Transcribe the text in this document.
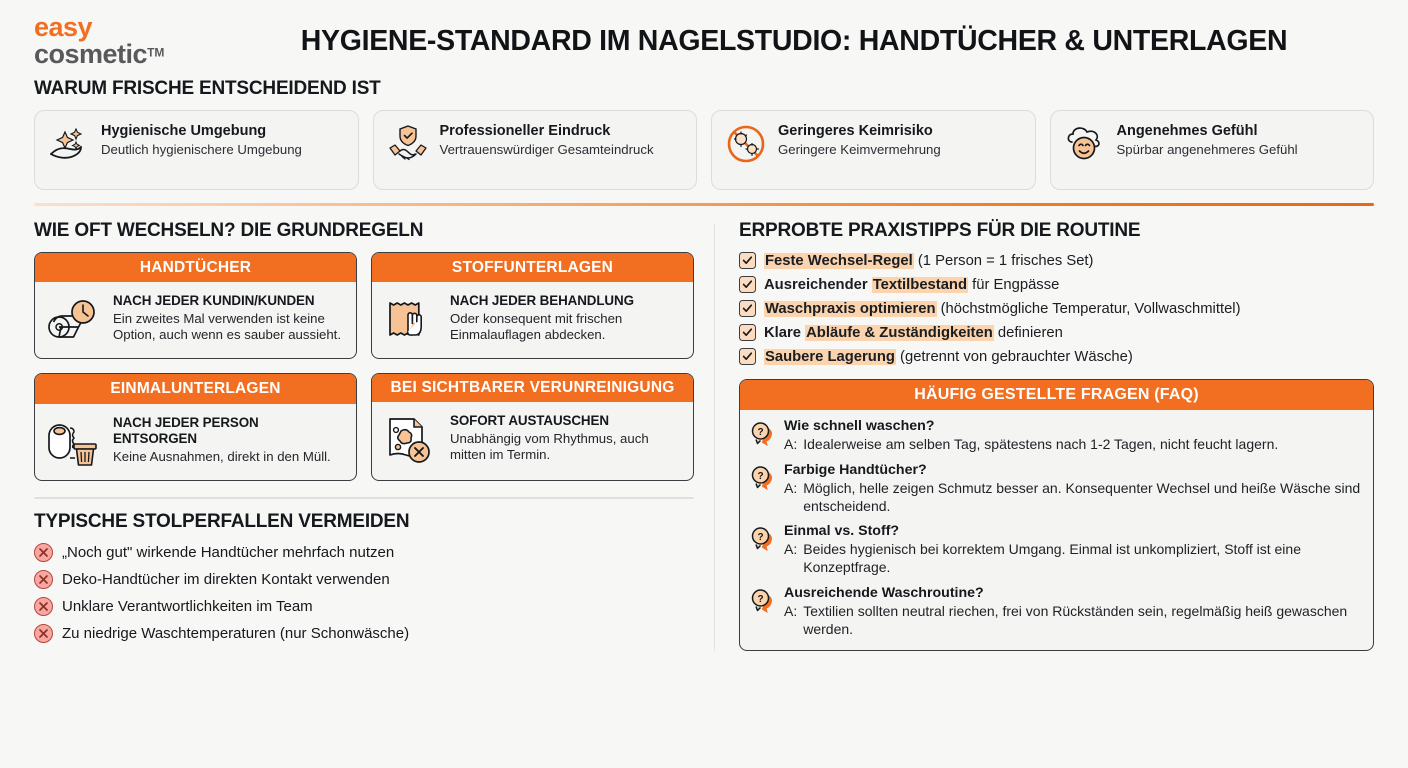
easy
cosmetic™	HYGIENE-STANDARD IM NAGELSTUDIO: HANDTÜCHER & UNTERLAGEN
WARUM FRISCHE ENTSCHEIDEND IST
Hygienische Umgebung
Deutlich hygienischere Umgebung
Professioneller Eindruck
Vertrauenswürdiger Gesamteindruck
Geringeres Keimrisiko
Geringere Keimvermehrung
Angenehmes Gefühl
Spürbar angenehmeres Gefühl
WIE OFT WECHSELN? DIE GRUNDREGELN
HANDTÜCHER
NACH JEDER KUNDIN/KUNDEN
Ein zweites Mal verwenden ist keine Option, auch wenn es sauber aussieht.
STOFFUNTERLAGEN
NACH JEDER BEHANDLUNG
Oder konsequent mit frischen Einmalauflagen abdecken.
EINMALUNTERLAGEN
NACH JEDER PERSON ENTSORGEN
Keine Ausnahmen, direkt in den Müll.
BEI SICHTBARER VERUNREINIGUNG
SOFORT AUSTAUSCHEN
Unabhängig vom Rhythmus, auch mitten im Termin.
TYPISCHE STOLPERFALLEN VERMEIDEN
„Noch gut" wirkende Handtücher mehrfach nutzen
Deko-Handtücher im direkten Kontakt verwenden
Unklare Verantwortlichkeiten im Team
Zu niedrige Waschtemperaturen (nur Schonwäsche)
ERPROBTE PRAXISTIPPS FÜR DIE ROUTINE
Feste Wechsel-Regel (1 Person = 1 frisches Set)
Ausreichender Textilbestand für Engpässe
Waschpraxis optimieren (höchstmögliche Temperatur, Vollwaschmittel)
Klare Abläufe & Zuständigkeiten definieren
Saubere Lagerung (getrennt von gebrauchter Wäsche)
HÄUFIG GESTELLTE FRAGEN (FAQ)
? Wie schnell waschen?
A: Idealerweise am selben Tag, spätestens nach 1-2 Tagen, nicht feucht lagern.
? Farbige Handtücher?
A: Möglich, helle zeigen Schmutz besser an. Konsequenter Wechsel und heiße Wäsche sind entscheidend.
? Einmal vs. Stoff?
A: Beides hygienisch bei korrektem Umgang. Einmal ist unkompliziert, Stoff ist eine Konzeptfrage.
? Ausreichende Waschroutine?
A: Textilien sollten neutral riechen, frei von Rückständen sein, regelmäßig heiß gewaschen werden.
